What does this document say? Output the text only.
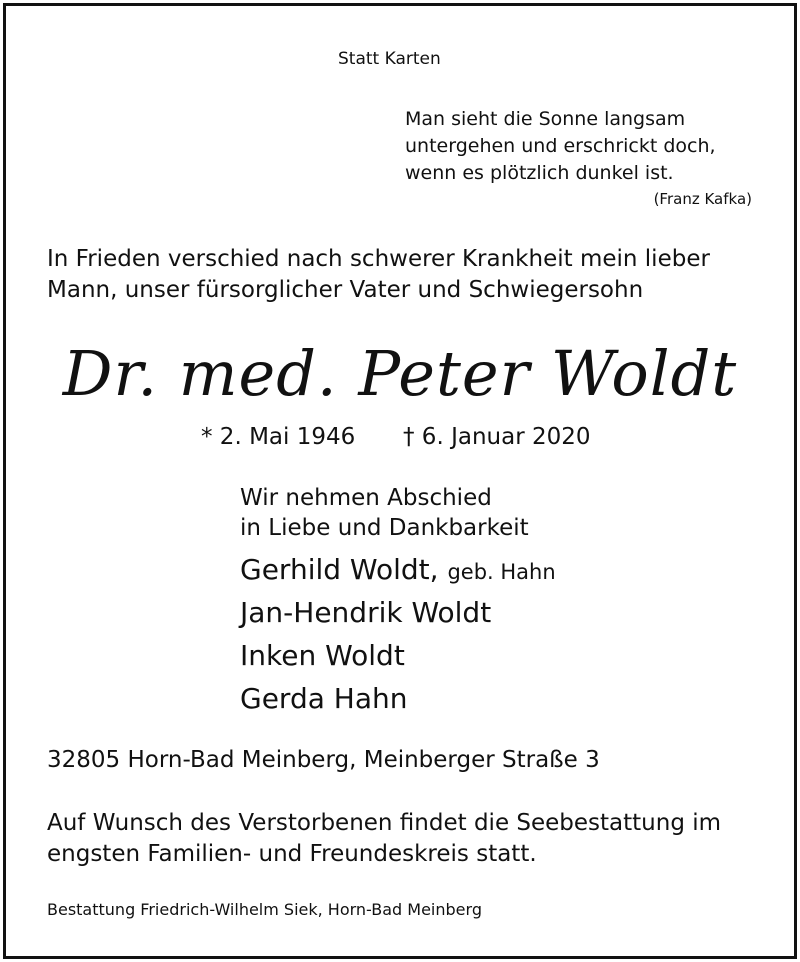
Statt Karten
Man sieht die Sonne langsam
untergehen und erschrickt doch,
wenn es plötzlich dunkel ist.
(Franz Kafka)
In Frieden verschied nach schwerer Krankheit mein lieber
Mann, unser fürsorglicher Vater und Schwiegersohn
Dr. med. Peter Woldt
* 2. Mai 1946 † 6. Januar 2020
Wir nehmen Abschied
in Liebe und Dankbarkeit
Gerhild Woldt, geb. Hahn
Jan-Hendrik Woldt
Inken Woldt
Gerda Hahn
32805 Horn-Bad Meinberg, Meinberger Straße 3
Auf Wunsch des Verstorbenen findet die Seebestattung im
engsten Familien- und Freundeskreis statt.
Bestattung Friedrich-Wilhelm Siek, Horn-Bad Meinberg
